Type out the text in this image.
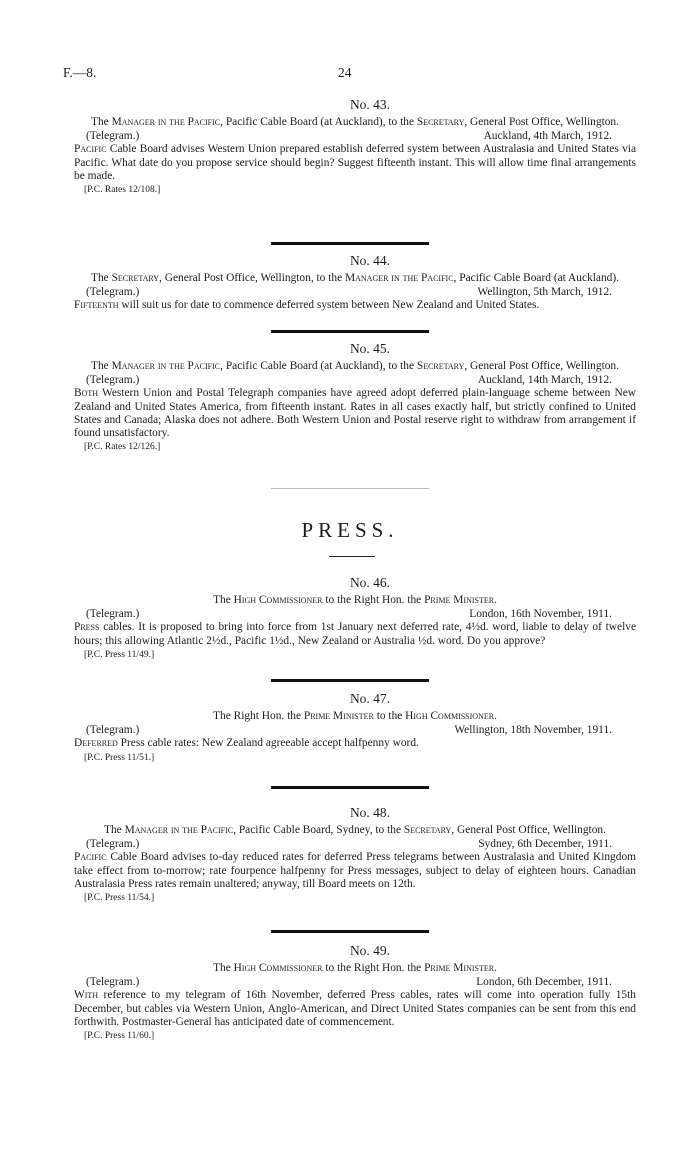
F.—8.	24
No. 43.
The Manager in the Pacific, Pacific Cable Board (at Auckland), to the Secretary, General Post Office, Wellington.
(Telegram.)	Auckland, 4th March, 1912.
Pacific Cable Board advises Western Union prepared establish deferred system between Australasia and United States via Pacific. What date do you propose service should begin? Suggest fifteenth instant. This will allow time final arrangements be made.
[P.C. Rates 12/108.]
No. 44.
The Secretary, General Post Office, Wellington, to the Manager in the Pacific, Pacific Cable Board (at Auckland).
(Telegram.)	Wellington, 5th March, 1912.
Fifteenth will suit us for date to commence deferred system between New Zealand and United States.
No. 45.
The Manager in the Pacific, Pacific Cable Board (at Auckland), to the Secretary, General Post Office, Wellington.
(Telegram.)	Auckland, 14th March, 1912.
Both Western Union and Postal Telegraph companies have agreed adopt deferred plain-language scheme between New Zealand and United States America, from fifteenth instant. Rates in all cases exactly half, but strictly confined to United States and Canada; Alaska does not adhere. Both Western Union and Postal reserve right to withdraw from arrangement if found unsatisfactory.
[P.C. Rates 12/126.]
PRESS.
No. 46.
The High Commissioner to the Right Hon. the Prime Minister.
(Telegram.)	London, 16th November, 1911.
Press cables. It is proposed to bring into force from 1st January next deferred rate, 4½d. word, liable to delay of twelve hours; this allowing Atlantic 2½d., Pacific 1½d., New Zealand or Australia ½d. word. Do you approve?
[P.C. Press 11/49.]
No. 47.
The Right Hon. the Prime Minister to the High Commissioner.
(Telegram.)	Wellington, 18th November, 1911.
Deferred Press cable rates: New Zealand agreeable accept halfpenny word.
[P.C. Press 11/51.]
No. 48.
The Manager in the Pacific, Pacific Cable Board, Sydney, to the Secretary, General Post Office, Wellington.
(Telegram.)	Sydney, 6th December, 1911.
Pacific Cable Board advises to-day reduced rates for deferred Press telegrams between Australasia and United Kingdom take effect from to-morrow; rate fourpence halfpenny for Press messages, subject to delay of eighteen hours. Canadian Australasia Press rates remain unaltered; anyway, till Board meets on 12th.
[P.C. Press 11/54.]
No. 49.
The High Commissioner to the Right Hon. the Prime Minister.
(Telegram.)	London, 6th December, 1911.
With reference to my telegram of 16th November, deferred Press cables, rates will come into operation fully 15th December, but cables via Western Union, Anglo-American, and Direct United States companies can be sent from this end forthwith. Postmaster-General has anticipated date of commencement.
[P.C. Press 11/60.]
